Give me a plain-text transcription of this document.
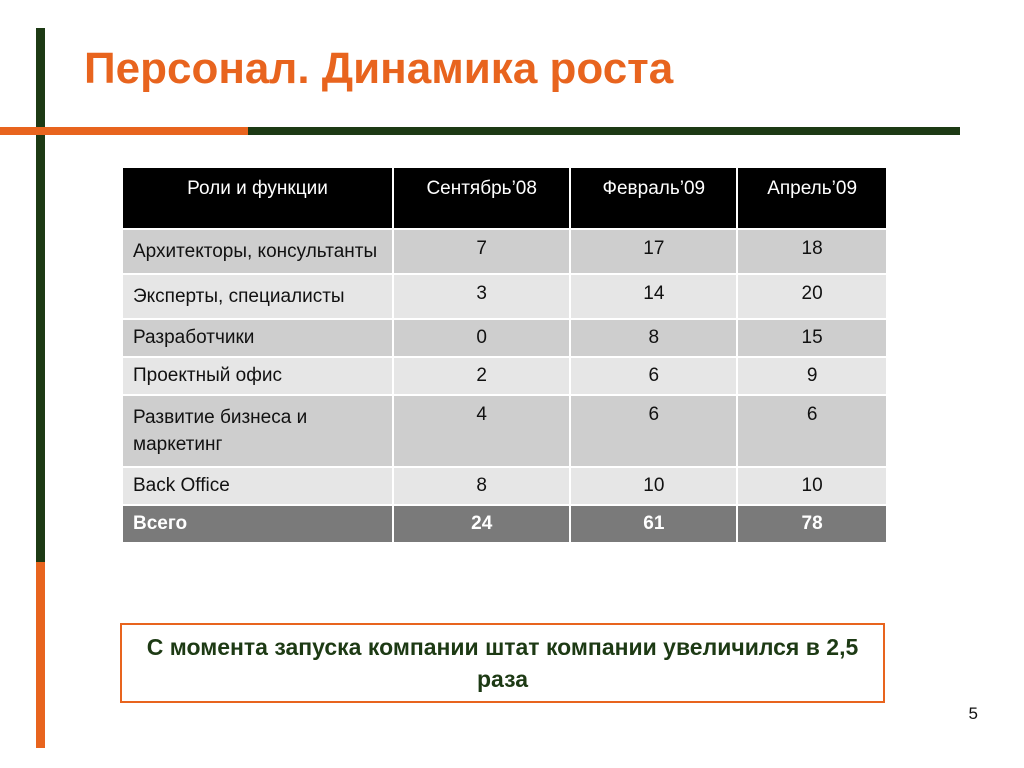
Персонал. Динамика роста
Роли и функции	Сентябрь’08	Февраль’09	Апрель’09
Архитекторы, консультанты	7	17	18
Эксперты, специалисты	3	14	20
Разработчики	0	8	15
Проектный офис	2	6	9
Развитие бизнеса и маркетинг	4	6	6
Back Office	8	10	10
Всего	24	61	78
С момента запуска компании штат компании увеличился в 2,5 раза
5
